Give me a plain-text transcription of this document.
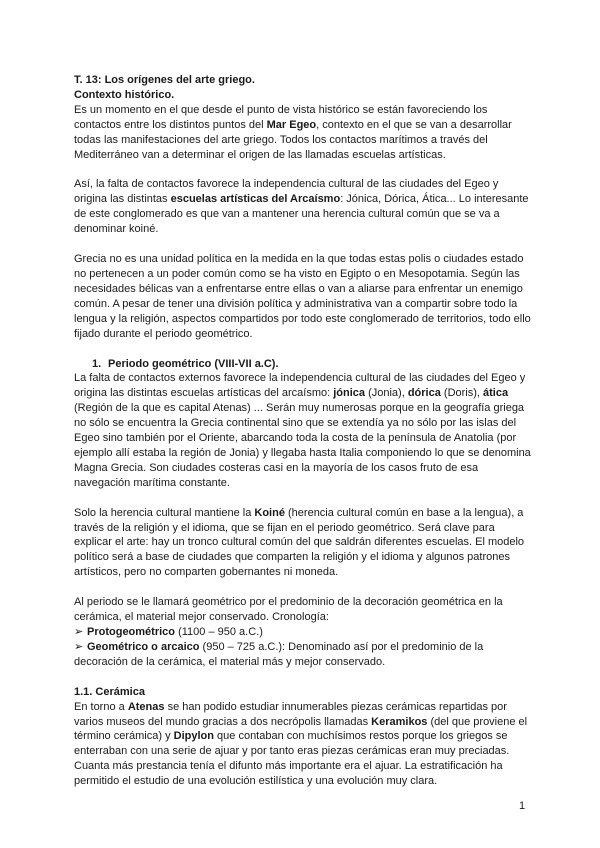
T. 13: Los orígenes del arte griego.
Contexto histórico.

Es un momento en el que desde el punto de vista histórico se están favoreciendo los contactos entre los distintos puntos del Mar Egeo, contexto en el que se van a desarrollar todas las manifestaciones del arte griego. Todos los contactos marítimos a través del Mediterráneo van a determinar el origen de las llamadas escuelas artísticas.

Así, la falta de contactos favorece la independencia cultural de las ciudades del Egeo y origina las distintas escuelas artísticas del Arcaísmo: Jónica, Dórica, Ática... Lo interesante de este conglomerado es que van a mantener una herencia cultural común que se va a denominar koiné.

Grecia no es una unidad política en la medida en la que todas estas polis o ciudades estado no pertenecen a un poder común como se ha visto en Egipto o en Mesopotamia. Según las necesidades bélicas van a enfrentarse entre ellas o van a aliarse para enfrentar un enemigo común. A pesar de tener una división política y administrativa van a compartir sobre todo la lengua y la religión, aspectos compartidos por todo este conglomerado de territorios, todo ello fijado durante el periodo geométrico.

1. Periodo geométrico (VIII-VII a.C).

La falta de contactos externos favorece la independencia cultural de las ciudades del Egeo y origina las distintas escuelas artísticas del arcaísmo: jónica (Jonia), dórica (Doris), ática (Región de la que es capital Atenas) ... Serán muy numerosas porque en la geografía griega no sólo se encuentra la Grecia continental sino que se extendía ya no sólo por las islas del Egeo sino también por el Oriente, abarcando toda la costa de la península de Anatolia (por ejemplo allí estaba la región de Jonia) y llegaba hasta Italia componiendo lo que se denomina Magna Grecia. Son ciudades costeras casi en la mayoría de los casos fruto de esa navegación marítima constante.

Solo la herencia cultural mantiene la Koiné (herencia cultural común en base a la lengua), a través de la religión y el idioma, que se fijan en el periodo geométrico. Será clave para explicar el arte: hay un tronco cultural común del que saldrán diferentes escuelas. El modelo político será a base de ciudades que comparten la religión y el idioma y algunos patrones artísticos, pero no comparten gobernantes ni moneda.

Al periodo se le llamará geométrico por el predominio de la decoración geométrica en la cerámica, el material mejor conservado. Cronología:

➢ Protogeométrico (1100 – 950 a.C.)

➢ Geométrico o arcaico (950 – 725 a.C.): Denominado así por el predominio de la decoración de la cerámica, el material más y mejor conservado.

1.1. Cerámica

En torno a Atenas se han podido estudiar innumerables piezas cerámicas repartidas por varios museos del mundo gracias a dos necrópolis llamadas Keramikos (del que proviene el término cerámica) y Dipylon que contaban con muchísimos restos porque los griegos se enterraban con una serie de ajuar y por tanto eras piezas cerámicas eran muy preciadas. Cuanta más prestancia tenía el difunto más importante era el ajuar. La estratificación ha permitido el estudio de una evolución estilística y una evolución muy clara.

1
